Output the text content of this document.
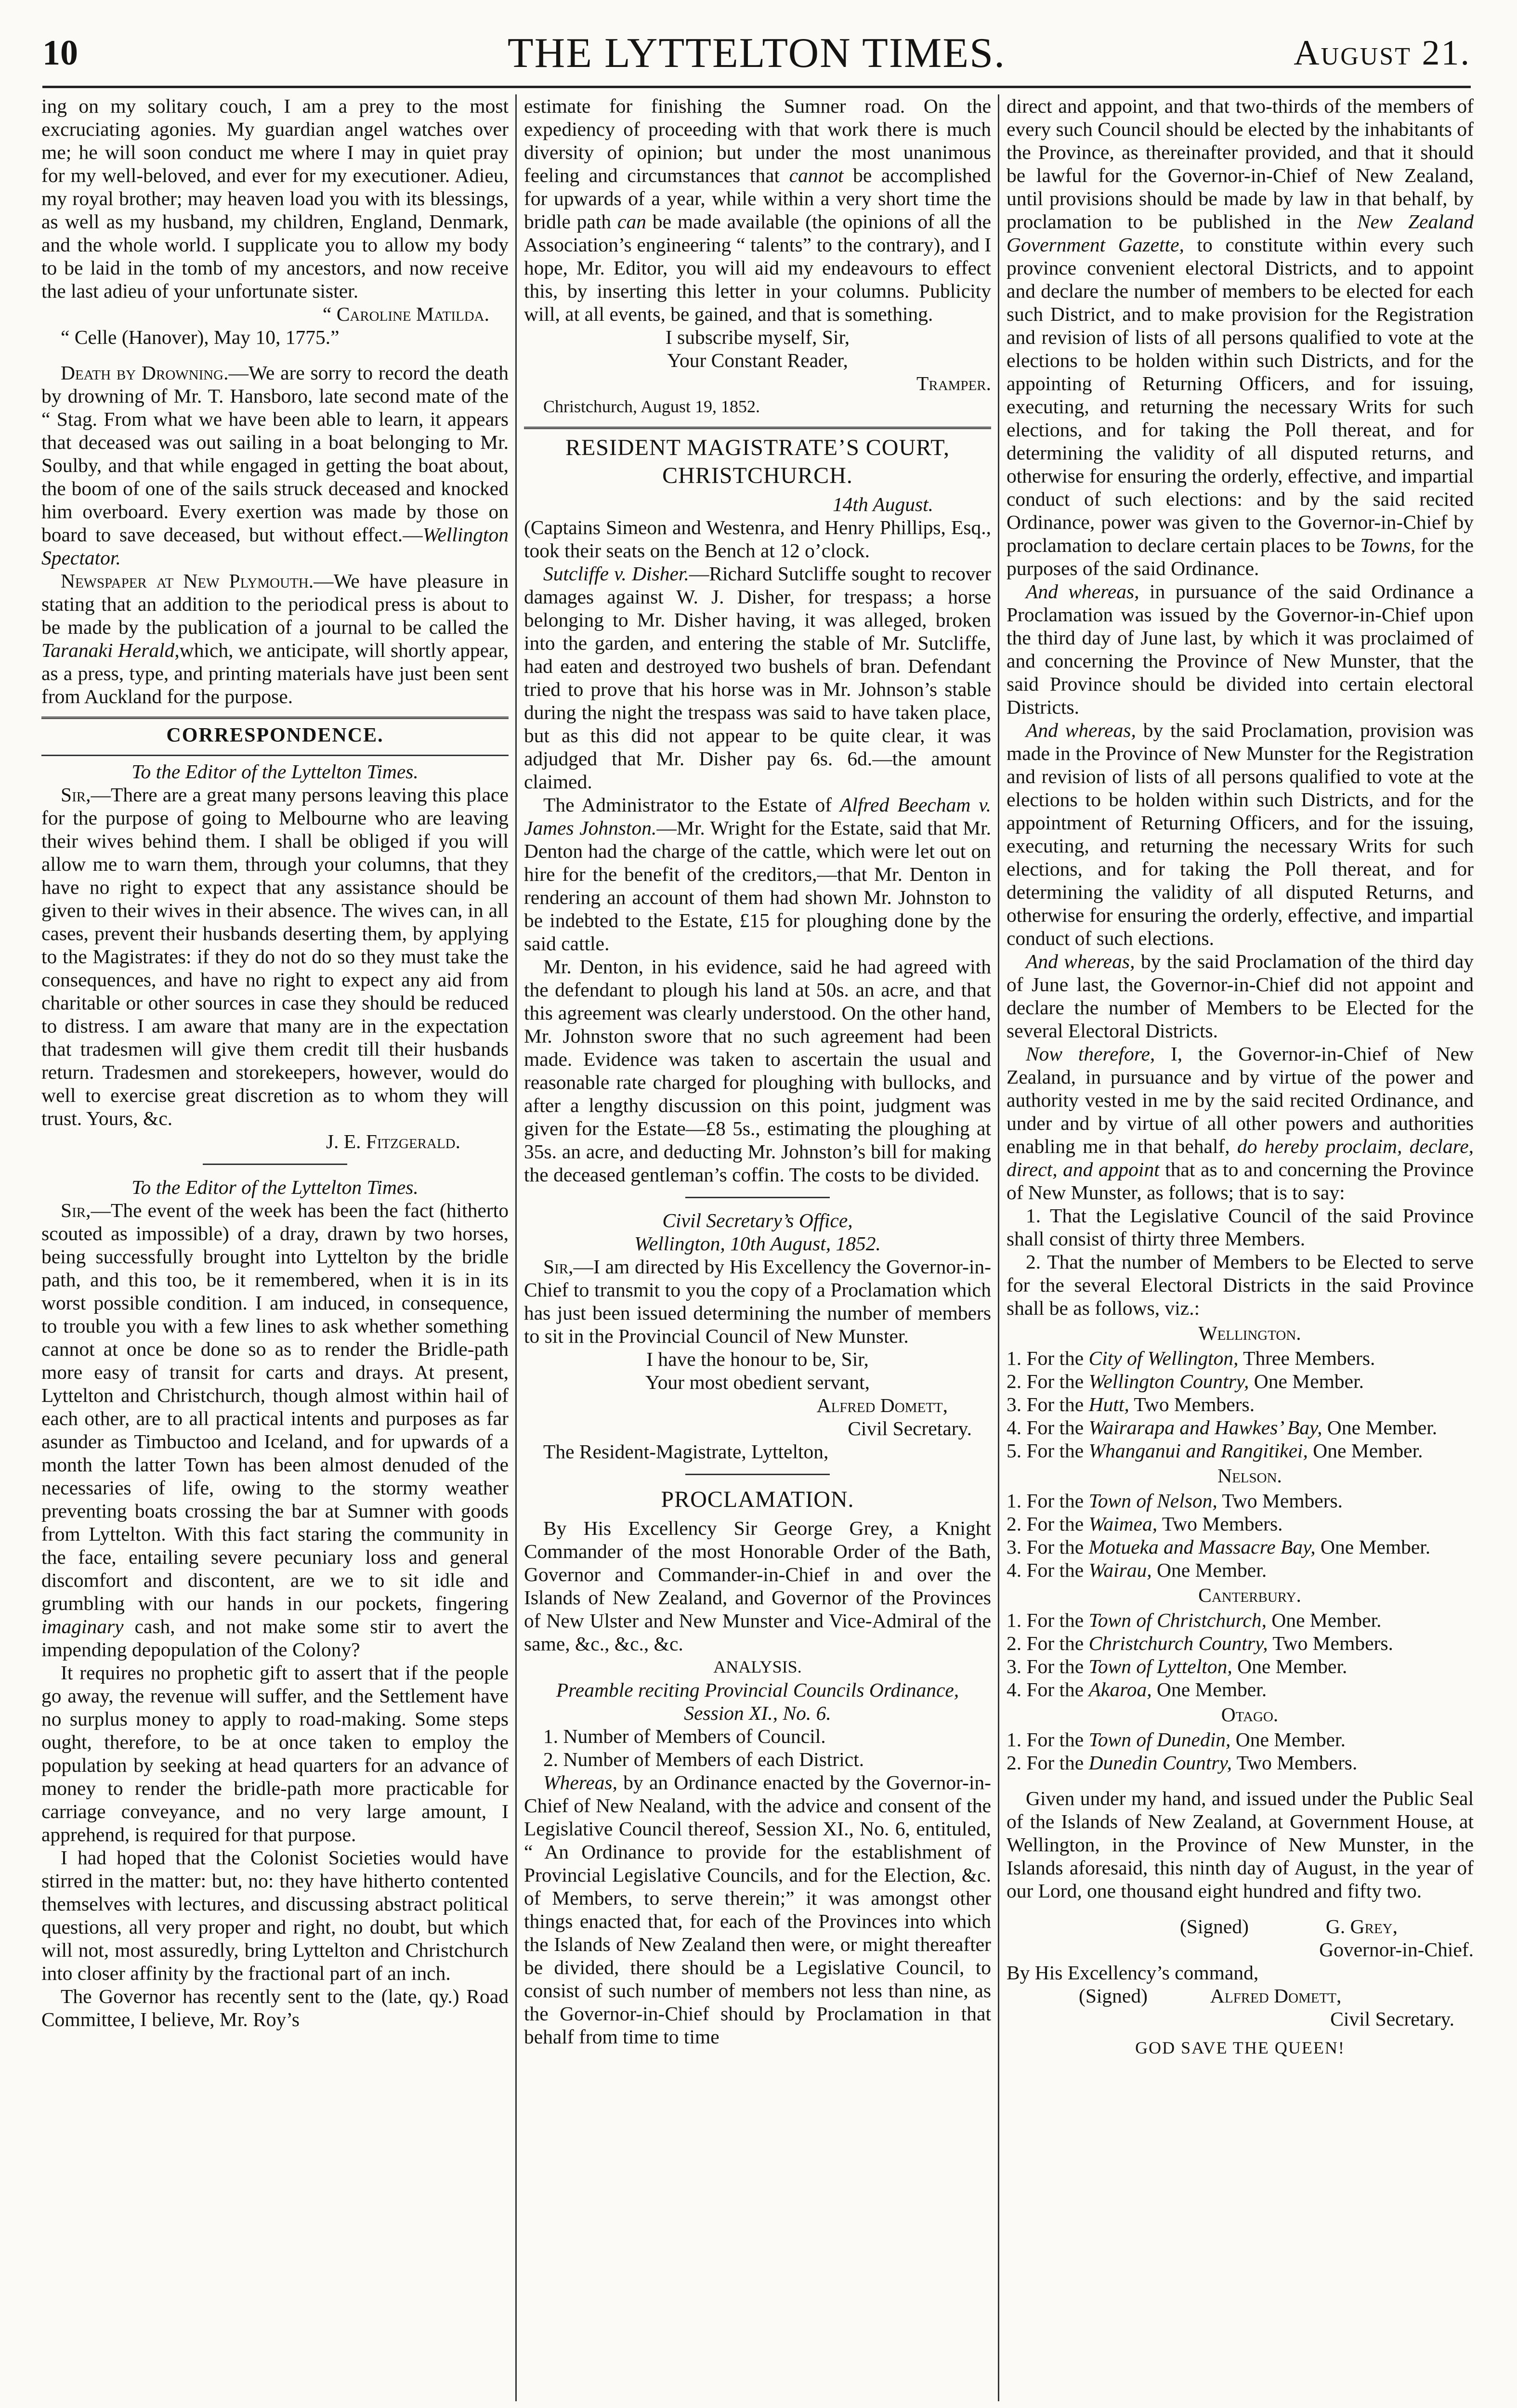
10	THE LYTTELTON TIMES.	August 21.

ing on my solitary couch, I am a prey to the most excruciating agonies. My guardian angel watches over me; he will soon conduct me where I may in quiet pray for my well-beloved, and ever for my executioner. Adieu, my royal brother; may heaven load you with its blessings, as well as my husband, my children, England, Denmark, and the whole world. I supplicate you to allow my body to be laid in the tomb of my ancestors, and now receive the last adieu of your unfortunate sister.

“ Caroline Matilda.

“ Celle (Hanover), May 10, 1775.”

Death by Drowning.—We are sorry to record the death by drowning of Mr. T. Hansboro, late second mate of the “ Stag. From what we have been able to learn, it appears that deceased was out sailing in a boat belonging to Mr. Soulby, and that while engaged in getting the boat about, the boom of one of the sails struck deceased and knocked him overboard. Every exertion was made by those on board to save deceased, but without effect.—Wellington Spectator.

Newspaper at New Plymouth.—We have pleasure in stating that an addition to the periodical press is about to be made by the publication of a journal to be called the Taranaki Herald,which, we anticipate, will shortly appear, as a press, type, and printing materials have just been sent from Auckland for the purpose.

CORRESPONDENCE.

To the Editor of the Lyttelton Times.

Sir,—There are a great many persons leaving this place for the purpose of going to Melbourne who are leaving their wives behind them. I shall be obliged if you will allow me to warn them, through your columns, that they have no right to expect that any assistance should be given to their wives in their absence. The wives can, in all cases, prevent their husbands deserting them, by applying to the Magistrates: if they do not do so they must take the consequences, and have no right to expect any aid from charitable or other sources in case they should be reduced to distress. I am aware that many are in the expectation that tradesmen will give them credit till their husbands return. Tradesmen and storekeepers, however, would do well to exercise great discretion as to whom they will trust. Yours, &c.

J. E. Fitzgerald.

To the Editor of the Lyttelton Times.

Sir,—The event of the week has been the fact (hitherto scouted as impossible) of a dray, drawn by two horses, being successfully brought into Lyttelton by the bridle path, and this too, be it remembered, when it is in its worst possible condition. I am induced, in consequence, to trouble you with a few lines to ask whether something cannot at once be done so as to render the Bridle-path more easy of transit for carts and drays. At present, Lyttelton and Christchurch, though almost within hail of each other, are to all practical intents and purposes as far asunder as Timbuctoo and Iceland, and for upwards of a month the latter Town has been almost denuded of the necessaries of life, owing to the stormy weather preventing boats crossing the bar at Sumner with goods from Lyttelton. With this fact staring the community in the face, entailing severe pecuniary loss and general discomfort and discontent, are we to sit idle and grumbling with our hands in our pockets, fingering imaginary cash, and not make some stir to avert the impending depopulation of the Colony?

It requires no prophetic gift to assert that if the people go away, the revenue will suffer, and the Settlement have no surplus money to apply to road-making. Some steps ought, therefore, to be at once taken to employ the population by seeking at head quarters for an advance of money to render the bridle-path more practicable for carriage conveyance, and no very large amount, I apprehend, is required for that purpose.

I had hoped that the Colonist Societies would have stirred in the matter: but, no: they have hitherto contented themselves with lectures, and discussing abstract political questions, all very proper and right, no doubt, but which will not, most assuredly, bring Lyttelton and Christchurch into closer affinity by the fractional part of an inch.

The Governor has recently sent to the (late, qy.) Road Committee, I believe, Mr. Roy’s

estimate for finishing the Sumner road. On the expediency of proceeding with that work there is much diversity of opinion; but under the most unanimous feeling and circumstances that cannot be accomplished for upwards of a year, while within a very short time the bridle path can be made available (the opinions of all the Association’s engineering “ talents” to the contrary), and I hope, Mr. Editor, you will aid my endeavours to effect this, by inserting this letter in your columns. Publicity will, at all events, be gained, and that is something.

I subscribe myself, Sir,

Your Constant Reader,

Tramper.

Christchurch, August 19, 1852.

RESIDENT MAGISTRATE’S COURT, CHRISTCHURCH.

14th August.

(Captains Simeon and Westenra, and Henry Phillips, Esq., took their seats on the Bench at 12 o’clock.

Sutcliffe v. Disher.—Richard Sutcliffe sought to recover damages against W. J. Disher, for trespass; a horse belonging to Mr. Disher having, it was alleged, broken into the garden, and entering the stable of Mr. Sutcliffe, had eaten and destroyed two bushels of bran. Defendant tried to prove that his horse was in Mr. Johnson’s stable during the night the trespass was said to have taken place, but as this did not appear to be quite clear, it was adjudged that Mr. Disher pay 6s. 6d.—the amount claimed.

The Administrator to the Estate of Alfred Beecham v. James Johnston.—Mr. Wright for the Estate, said that Mr. Denton had the charge of the cattle, which were let out on hire for the benefit of the creditors,—that Mr. Denton in rendering an account of them had shown Mr. Johnston to be indebted to the Estate, £15 for ploughing done by the said cattle.

Mr. Denton, in his evidence, said he had agreed with the defendant to plough his land at 50s. an acre, and that this agreement was clearly understood. On the other hand, Mr. Johnston swore that no such agreement had been made. Evidence was taken to ascertain the usual and reasonable rate charged for ploughing with bullocks, and after a lengthy discussion on this point, judgment was given for the Estate—£8 5s., estimating the ploughing at 35s. an acre, and deducting Mr. Johnston’s bill for making the deceased gentleman’s coffin. The costs to be divided.

Civil Secretary’s Office,

Wellington, 10th August, 1852.

Sir,—I am directed by His Excellency the Governor-in-Chief to transmit to you the copy of a Proclamation which has just been issued determining the number of members to sit in the Provincial Council of New Munster.

I have the honour to be, Sir,

Your most obedient servant,

Alfred Domett,

Civil Secretary.

The Resident-Magistrate, Lyttelton,

PROCLAMATION.

By His Excellency Sir George Grey, a Knight Commander of the most Honorable Order of the Bath, Governor and Commander-in-Chief in and over the Islands of New Zealand, and Governor of the Provinces of New Ulster and New Munster and Vice-Admiral of the same, &c., &c., &c.

ANALYSIS.

Preamble reciting Provincial Councils Ordinance, Session XI., No. 6.

1. Number of Members of Council.

2. Number of Members of each District.

Whereas, by an Ordinance enacted by the Governor-in-Chief of New Nealand, with the advice and consent of the Legislative Council thereof, Session XI., No. 6, entituled, “ An Ordinance to provide for the establishment of Provincial Legislative Councils, and for the Election, &c. of Members, to serve therein;” it was amongst other things enacted that, for each of the Provinces into which the Islands of New Zealand then were, or might thereafter be divided, there should be a Legislative Council, to consist of such number of members not less than nine, as the Governor-in-Chief should by Proclamation in that behalf from time to time

direct and appoint, and that two-thirds of the members of every such Council should be elected by the inhabitants of the Province, as thereinafter provided, and that it should be lawful for the Governor-in-Chief of New Zealand, until provisions should be made by law in that behalf, by proclamation to be published in the New Zealand Government Gazette, to constitute within every such province convenient electoral Districts, and to appoint and declare the number of members to be elected for each such District, and to make provision for the Registration and revision of lists of all persons qualified to vote at the elections to be holden within such Districts, and for the appointing of Returning Officers, and for issuing, executing, and returning the necessary Writs for such elections, and for taking the Poll thereat, and for determining the validity of all disputed returns, and otherwise for ensuring the orderly, effective, and impartial conduct of such elections: and by the said recited Ordinance, power was given to the Governor-in-Chief by proclamation to declare certain places to be Towns, for the purposes of the said Ordinance.

And whereas, in pursuance of the said Ordinance a Proclamation was issued by the Governor-in-Chief upon the third day of June last, by which it was proclaimed of and concerning the Province of New Munster, that the said Province should be divided into certain electoral Districts.

And whereas, by the said Proclamation, provision was made in the Province of New Munster for the Registration and revision of lists of all persons qualified to vote at the elections to be holden within such Districts, and for the appointment of Returning Officers, and for the issuing, executing, and returning the necessary Writs for such elections, and for taking the Poll thereat, and for determining the validity of all disputed Returns, and otherwise for ensuring the orderly, effective, and impartial conduct of such elections.

And whereas, by the said Proclamation of the third day of June last, the Governor-in-Chief did not appoint and declare the number of Members to be Elected for the several Electoral Districts.

Now therefore, I, the Governor-in-Chief of New Zealand, in pursuance and by virtue of the power and authority vested in me by the said recited Ordinance, and under and by virtue of all other powers and authorities enabling me in that behalf, do hereby proclaim, declare, direct, and appoint that as to and concerning the Province of New Munster, as follows; that is to say:

1. That the Legislative Council of the said Province shall consist of thirty three Members.

2. That the number of Members to be Elected to serve for the several Electoral Districts in the said Province shall be as follows, viz.:

Wellington.

1. For the City of Wellington, Three Members.
2. For the Wellington Country, One Member.
3. For the Hutt, Two Members.
4. For the Wairarapa and Hawkes’ Bay, One Member.
5. For the Whanganui and Rangitikei, One Member.

Nelson.

1. For the Town of Nelson, Two Members.
2. For the Waimea, Two Members.
3. For the Motueka and Massacre Bay, One Member.
4. For the Wairau, One Member.

Canterbury.

1. For the Town of Christchurch, One Member.
2. For the Christchurch Country, Two Members.
3. For the Town of Lyttelton, One Member.
4. For the Akaroa, One Member.

Otago.

1. For the Town of Dunedin, One Member.
2. For the Dunedin Country, Two Members.

Given under my hand, and issued under the Public Seal of the Islands of New Zealand, at Government House, at Wellington, in the Province of New Munster, in the Islands aforesaid, this ninth day of August, in the year of our Lord, one thousand eight hundred and fifty two.

(Signed)	G. Grey,

Governor-in-Chief.

By His Excellency’s command,

(Signed)	Alfred Domett,

Civil Secretary.

GOD SAVE THE QUEEN!
